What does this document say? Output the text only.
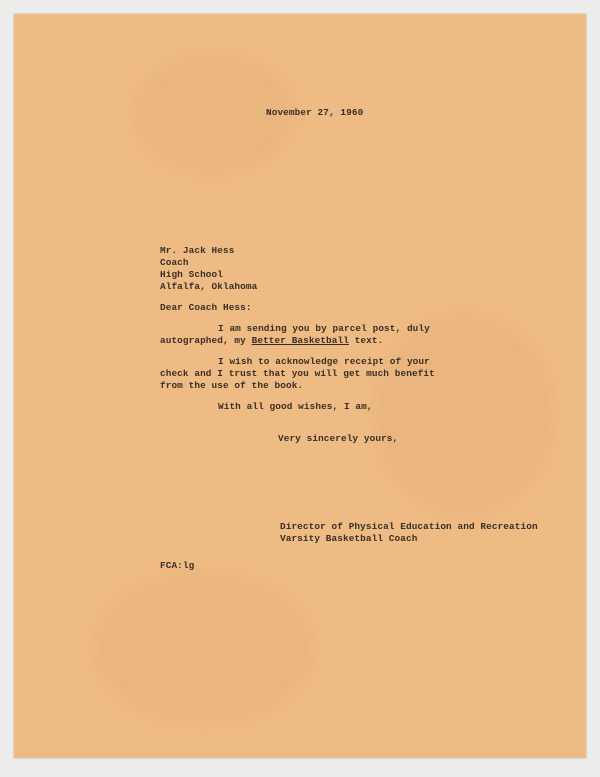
November 27, 1960
Mr. Jack Hess
Coach
High School
Alfalfa, Oklahoma
Dear Coach Hess:
I am sending you by parcel post, duly
autographed, my Better Basketball text.
I wish to acknowledge receipt of your
check and I trust that you will get much benefit
from the use of the book.
With all good wishes, I am,
Very sincerely yours,
Director of Physical Education and Recreation
Varsity Basketball Coach
FCA:lg
